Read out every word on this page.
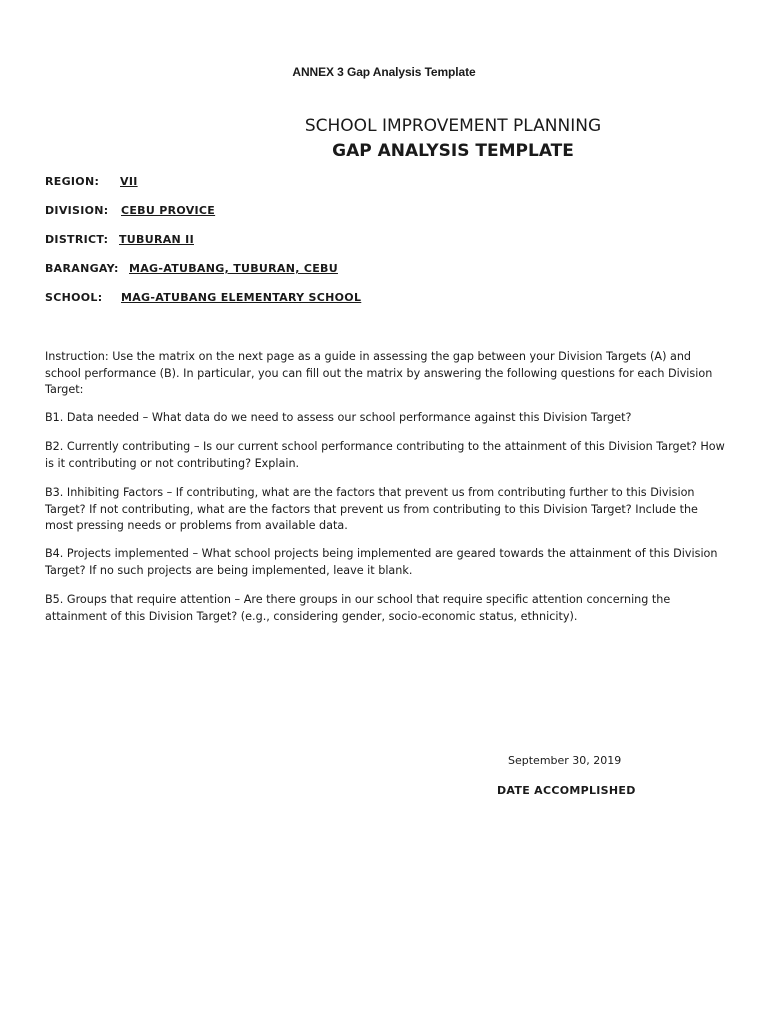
ANNEX 3 Gap Analysis Template
SCHOOL IMPROVEMENT PLANNING
GAP ANALYSIS TEMPLATE
REGION: VII
DIVISION: CEBU PROVICE
DISTRICT: TUBURAN II
BARANGAY: MAG-ATUBANG, TUBURAN, CEBU
SCHOOL: MAG-ATUBANG ELEMENTARY SCHOOL

Instruction: Use the matrix on the next page as a guide in assessing the gap between your Division Targets (A) and school performance (B). In particular, you can fill out the matrix by answering the following questions for each Division Target:

B1. Data needed – What data do we need to assess our school performance against this Division Target?

B2. Currently contributing – Is our current school performance contributing to the attainment of this Division Target? How is it contributing or not contributing? Explain.

B3. Inhibiting Factors – If contributing, what are the factors that prevent us from contributing further to this Division Target? If not contributing, what are the factors that prevent us from contributing to this Division Target? Include the most pressing needs or problems from available data.

B4. Projects implemented – What school projects being implemented are geared towards the attainment of this Division Target? If no such projects are being implemented, leave it blank.

B5. Groups that require attention – Are there groups in our school that require specific attention concerning the attainment of this Division Target? (e.g., considering gender, socio-economic status, ethnicity).

September 30, 2019
DATE ACCOMPLISHED
